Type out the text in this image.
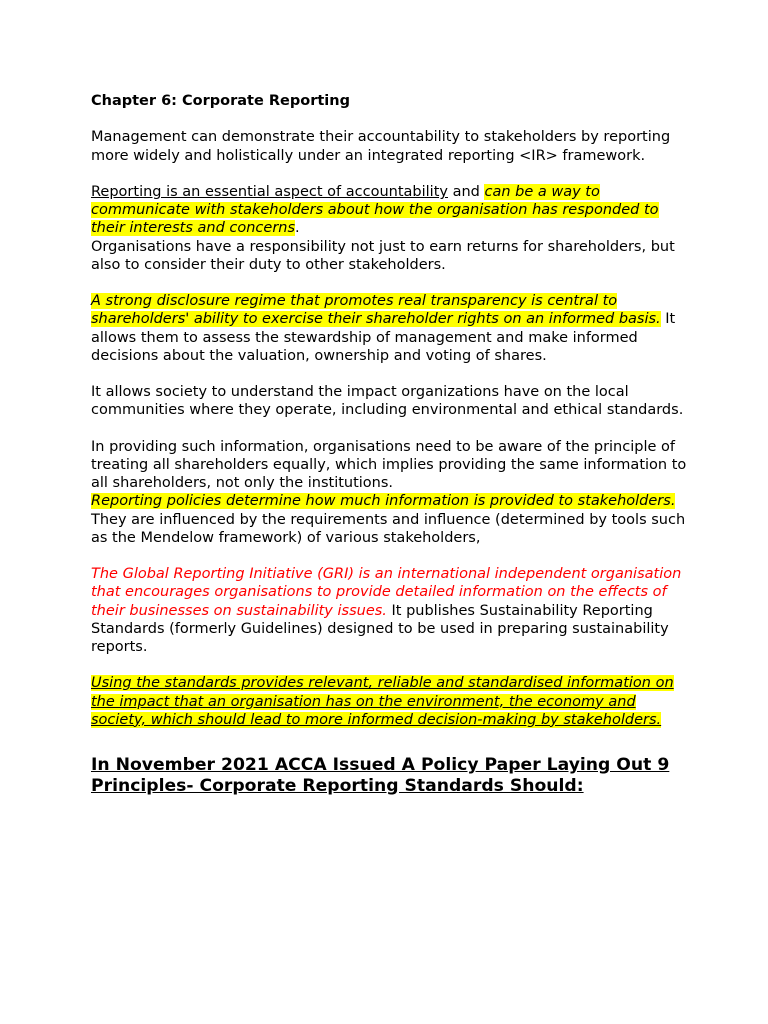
Chapter 6: Corporate Reporting

Management can demonstrate their accountability to stakeholders by reporting more widely and holistically under an integrated reporting <IR> framework.

Reporting is an essential aspect of accountability and can be a way to communicate with stakeholders about how the organisation has responded to their interests and concerns.

Organisations have a responsibility not just to earn returns for shareholders, but also to consider their duty to other stakeholders.

A strong disclosure regime that promotes real transparency is central to shareholders' ability to exercise their shareholder rights on an informed basis. It allows them to assess the stewardship of management and make informed decisions about the valuation, ownership and voting of shares.

It allows society to understand the impact organizations have on the local communities where they operate, including environmental and ethical standards.

In providing such information, organisations need to be aware of the principle of treating all shareholders equally, which implies providing the same information to all shareholders, not only the institutions.

Reporting policies determine how much information is provided to stakeholders. They are influenced by the requirements and influence (determined by tools such as the Mendelow framework) of various stakeholders,

The Global Reporting Initiative (GRI) is an international independent organisation that encourages organisations to provide detailed information on the effects of their businesses on sustainability issues. It publishes Sustainability Reporting Standards (formerly Guidelines) designed to be used in preparing sustainability reports.

Using the standards provides relevant, reliable and standardised information on the impact that an organisation has on the environment, the economy and society, which should lead to more informed decision-making by stakeholders.

In November 2021 ACCA Issued A Policy Paper Laying Out 9 Principles- Corporate Reporting Standards Should:
